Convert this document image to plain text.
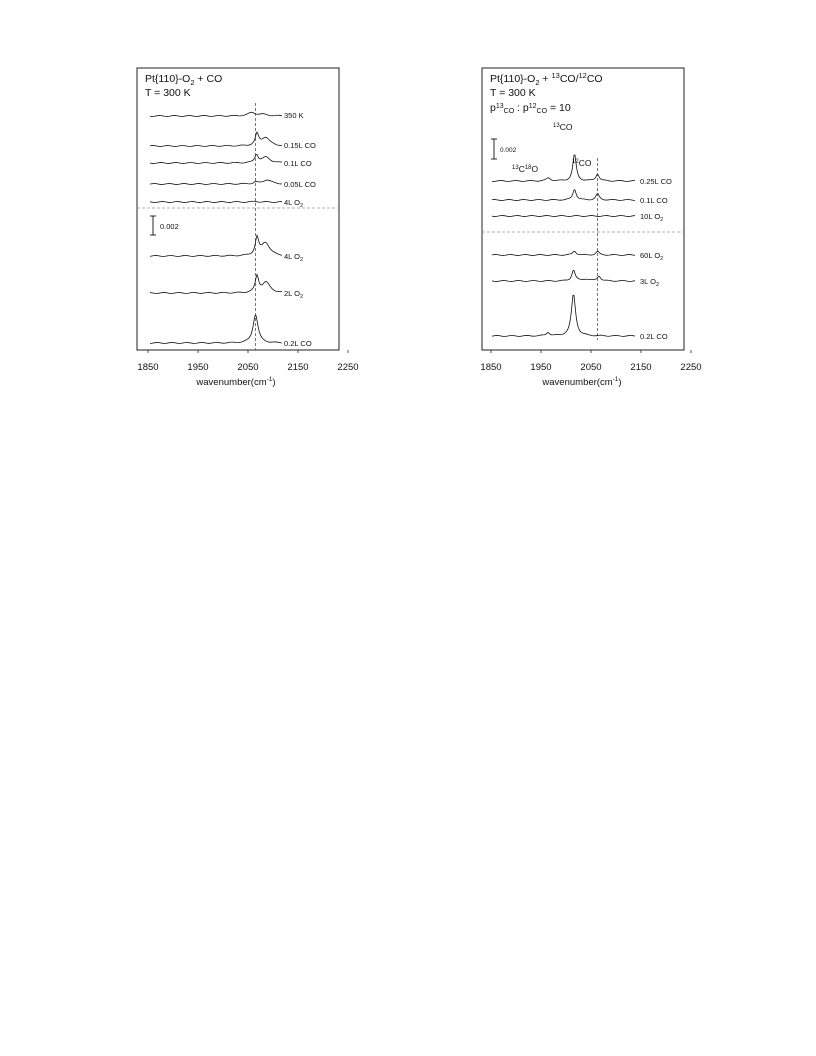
$Pt\{110\}-O_2$ + CO
T = 300 K
0.002
350 K
0.15L CO
0.1L CO
0.05L CO
4L $O_2$
4L $O_2$
2L $O_2$
0.2L CO
1850	1950	2050	2150	2250
$wavenumber(cm^{-1})$
$Pt\{110\}-O_2 + ^{13}CO/^{12}CO$
T = 300 K
$p^{13}_{CO}$ : $p^{12}_{CO} = 10$
0.002
$^{13}C^{18}O$
$^{13}$CO
$^{12}$CO
0.25L CO
0.1L CO
10L $O_2$
60L $O_2$
3L $O_2$
0.2L CO
1850	1950	2050	2150	2250
$wavenumber(cm^{-1})$
